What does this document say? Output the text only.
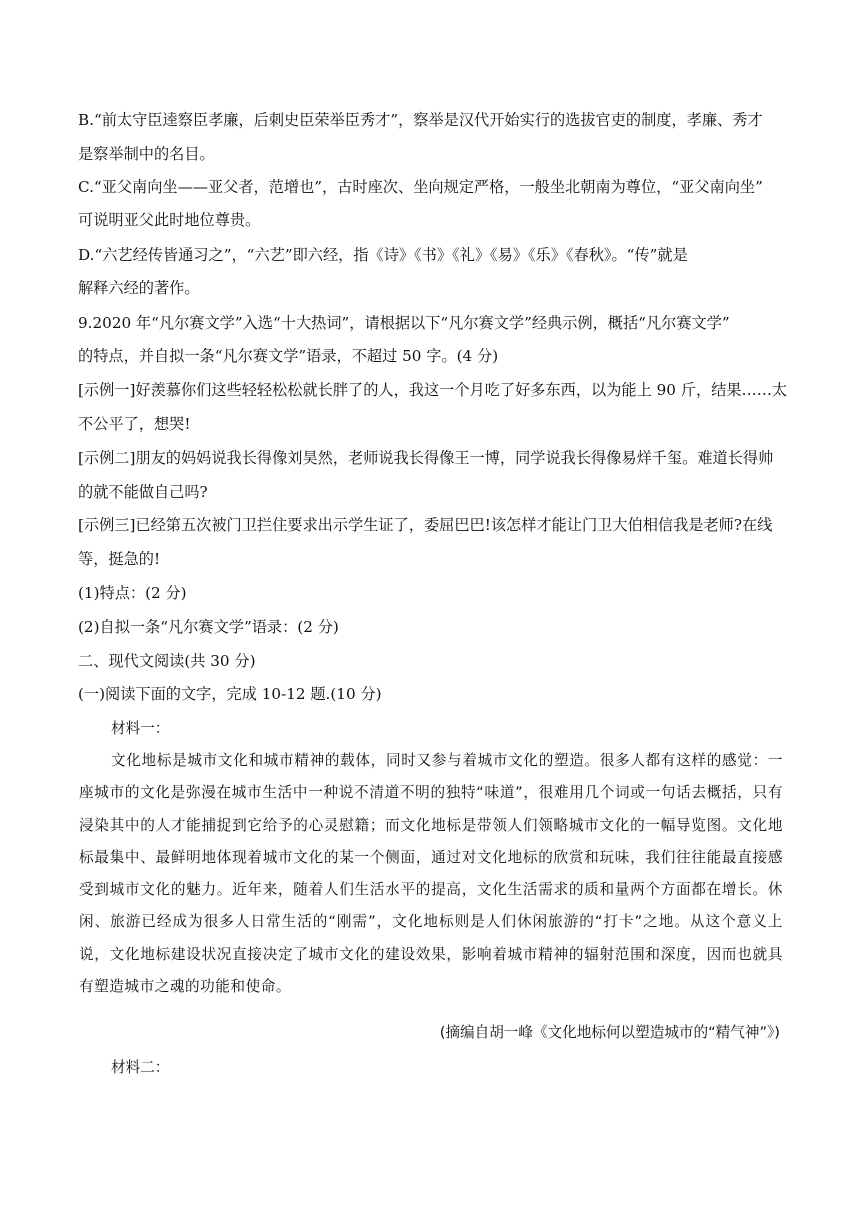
B.“前太守臣逵察臣孝廉，后刺史臣荣举臣秀才”，察举是汉代开始实行的选拔官吏的制度，孝廉、秀才
是察举制中的名目。
C.“亚父南向坐——亚父者，范增也”，古时座次、坐向规定严格，一般坐北朝南为尊位，“亚父南向坐”
可说明亚父此时地位尊贵。
D.“六艺经传皆通习之”，“六艺”即六经，指《诗》《书》《礼》《易》《乐》《春秋》。“传”就是
解释六经的著作。
9.2020 年“凡尔赛文学”入选“十大热词”，请根据以下“凡尔赛文学”经典示例，概括“凡尔赛文学”
的特点，并自拟一条“凡尔赛文学”语录，不超过 50 字。(4 分)
[示例一]好羡慕你们这些轻轻松松就长胖了的人，我这一个月吃了好多东西，以为能上 90 斤，结果……太
不公平了，想哭!
[示例二]朋友的妈妈说我长得像刘昊然，老师说我长得像王一博，同学说我长得像易烊千玺。难道长得帅
的就不能做自己吗?
[示例三]已经第五次被门卫拦住要求出示学生证了，委屈巴巴!该怎样才能让门卫大伯相信我是老师?在线
等，挺急的!
(1)特点：(2 分)
(2)自拟一条“凡尔赛文学”语录：(2 分)
二、现代文阅读(共 30 分)
(一)阅读下面的文字，完成 10-12 题.(10 分)
材料一：

文化地标是城市文化和城市精神的载体，同时又参与着城市文化的塑造。很多人都有这样的感觉：一座城市的文化是弥漫在城市生活中一种说不清道不明的独特“味道”，很难用几个词或一句话去概括，只有浸染其中的人才能捕捉到它给予的心灵慰籍；而文化地标是带领人们领略城市文化的一幅导览图。文化地标最集中、最鲜明地体现着城市文化的某一个侧面，通过对文化地标的欣赏和玩味，我们往往能最直接感受到城市文化的魅力。近年来，随着人们生活水平的提高，文化生活需求的质和量两个方面都在增长。休闲、旅游已经成为很多人日常生活的“刚需”，文化地标则是人们休闲旅游的“打卡”之地。从这个意义上说，文化地标建设状况直接决定了城市文化的建设效果，影响着城市精神的辐射范围和深度，因而也就具有塑造城市之魂的功能和使命。

(摘编自胡一峰《文化地标何以塑造城市的“精气神”》)
材料二：
